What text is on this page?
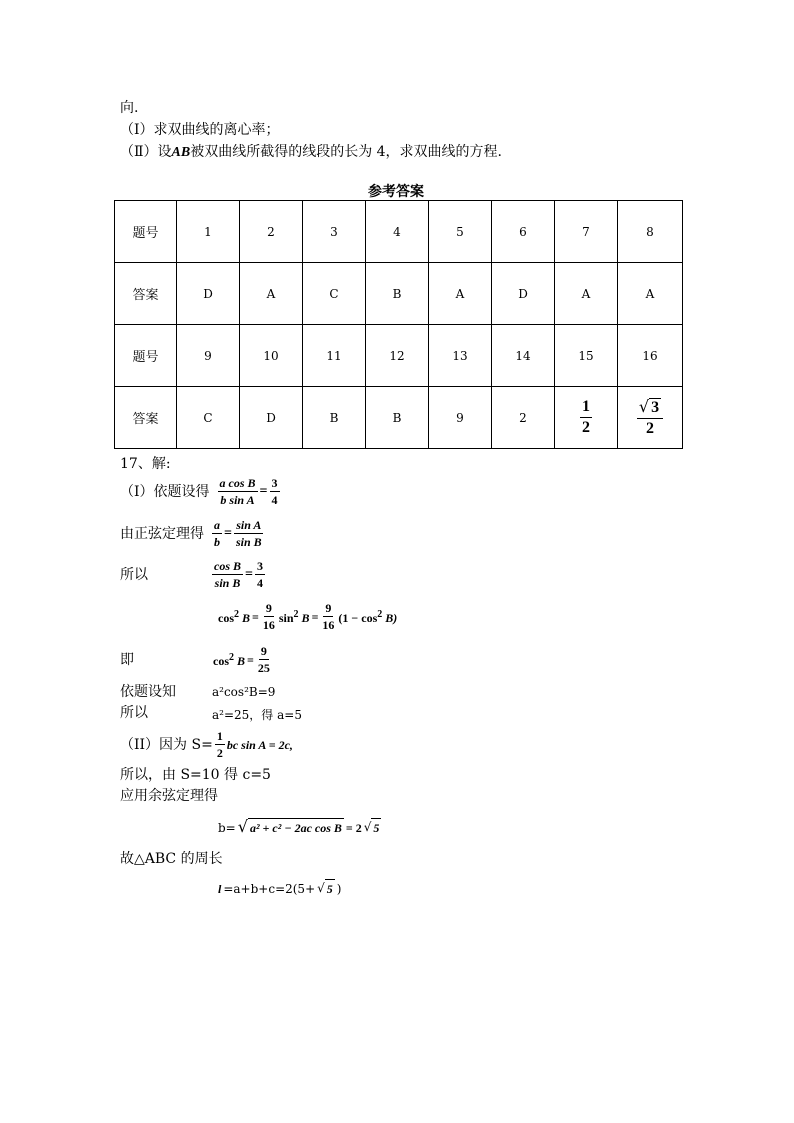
向.
（Ⅰ）求双曲线的离心率；
（Ⅱ）设AB被双曲线所截得的线段的长为 4，求双曲线的方程.
参考答案
题号	1	2	3	4	5	6	7	8
答案	D	A	C	B	A	D	A	A
题号	9	10	11	12	13	14	15	16
答案	C	D	B	B	9	2	$\frac{1}{2}$	$\frac{√ 3}{2}$
17、解:
（I）依题设得 $\frac{\text{a cos B}}{\text{b sin A}} = \frac{3}{4}$
由正弦定理得 $\frac{a}{b} = \frac{\text{sin A}}{\text{sin B}}$
所以	$\frac{\text{cos B}}{\text{sin B}} = \frac{3}{4}$
$\cos^2 B = \frac{9}{16} \sin^2 B = \frac{9}{16} (1 - \cos^2 B)$
即	$\cos^2 B = \frac{9}{25}$
依题设知	a²cos²B=9
所以	a²=25，得 a=5
（II）因为 $S= \frac{1}{2}$ bc sin A = 2c,
所以，由 S=10 得 c=5
应用余弦定理得
b= √ a² + c² − 2ac cos B = 2 √ 5
故△ABC 的周长
l =a+b+c=2(5+ √ 5 )
